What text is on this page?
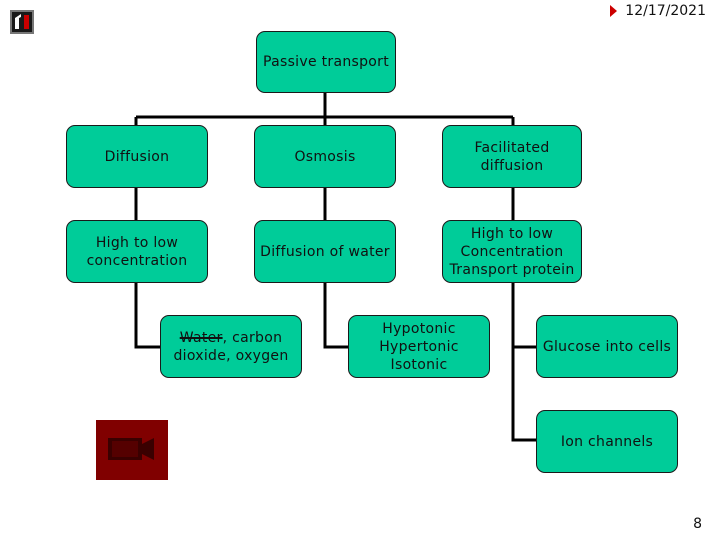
12/17/2021
Passive transport
Diffusion	Osmosis
Facilitated
diffusion
High to low
concentration
Diffusion of water
High to low
Concentration
Transport protein
Water, carbon
dioxide, oxygen
Hypotonic
Hypertonic
Isotonic
Glucose into cells
Ion channels
8
